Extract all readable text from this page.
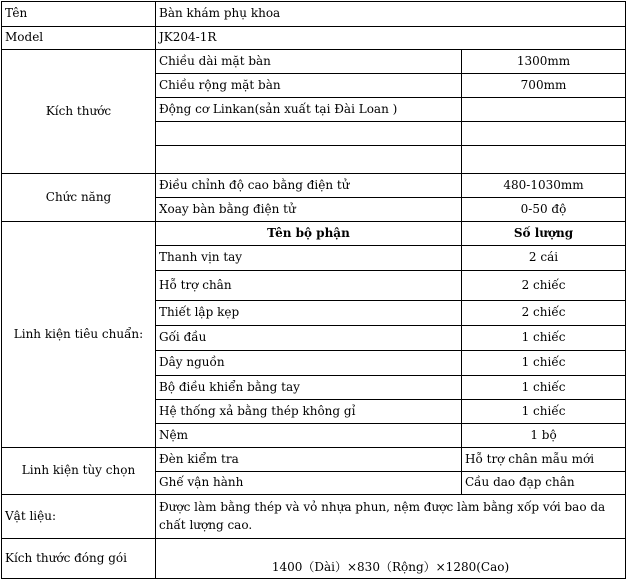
Tên	Bàn khám phụ khoa	
Model	JK204-1R	
Kích thước	Chiều dài mặt bàn	1300mm
	Chiều rộng mặt bàn	700mm
	Động cơ Linkan(sản xuất tại Đài Loan )	

Chức năng	Điều chỉnh độ cao bằng điện tử	480-1030mm
	Xoay bàn bằng điện tử	0-50 độ
Linh kiện tiêu chuẩn:	Tên bộ phận	Số lượng
	Thanh vịn tay	2 cái
	Hỗ trợ chân	2 chiếc
	Thiết lập kẹp	2 chiếc
	Gối đầu	1 chiếc
	Dây nguồn	1 chiếc
	Bộ điều khiển bằng tay	1 chiếc
	Hệ thống xả bằng thép không gỉ	1 chiếc
	Nệm	1 bộ
Linh kiện tùy chọn	Đèn kiểm tra	Hỗ trợ chân mẫu mới
	Ghế vận hành	Cầu dao đạp chân
Vật liệu:	Được làm bằng thép và vỏ nhựa phun, nệm được làm bằng xốp với bao da chất lượng cao.	
Kích thước đóng gói	1400（Dài）×830（Rộng）×1280(Cao)	
